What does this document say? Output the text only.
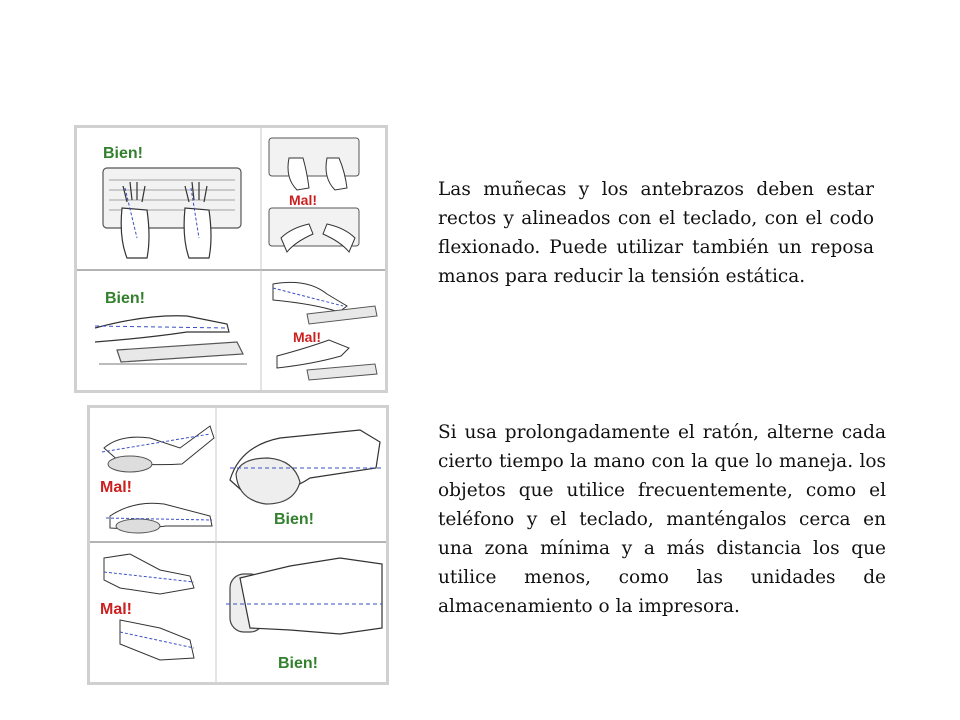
Bien!
Mal!
Bien!
Mal!
Mal!
Bien!
Mal!
Bien!

Las muñecas y los antebrazos deben estar rectos y alineados con el teclado, con el codo flexionado. Puede utilizar también un reposa manos para reducir la tensión estática.

Si usa prolongadamente el ratón, alterne cada cierto tiempo la mano con la que lo maneja. los objetos que utilice frecuentemente, como el teléfono y el teclado, manténgalos cerca en una zona mínima y a más distancia los que utilice menos, como las unidades de almacenamiento o la impresora.
